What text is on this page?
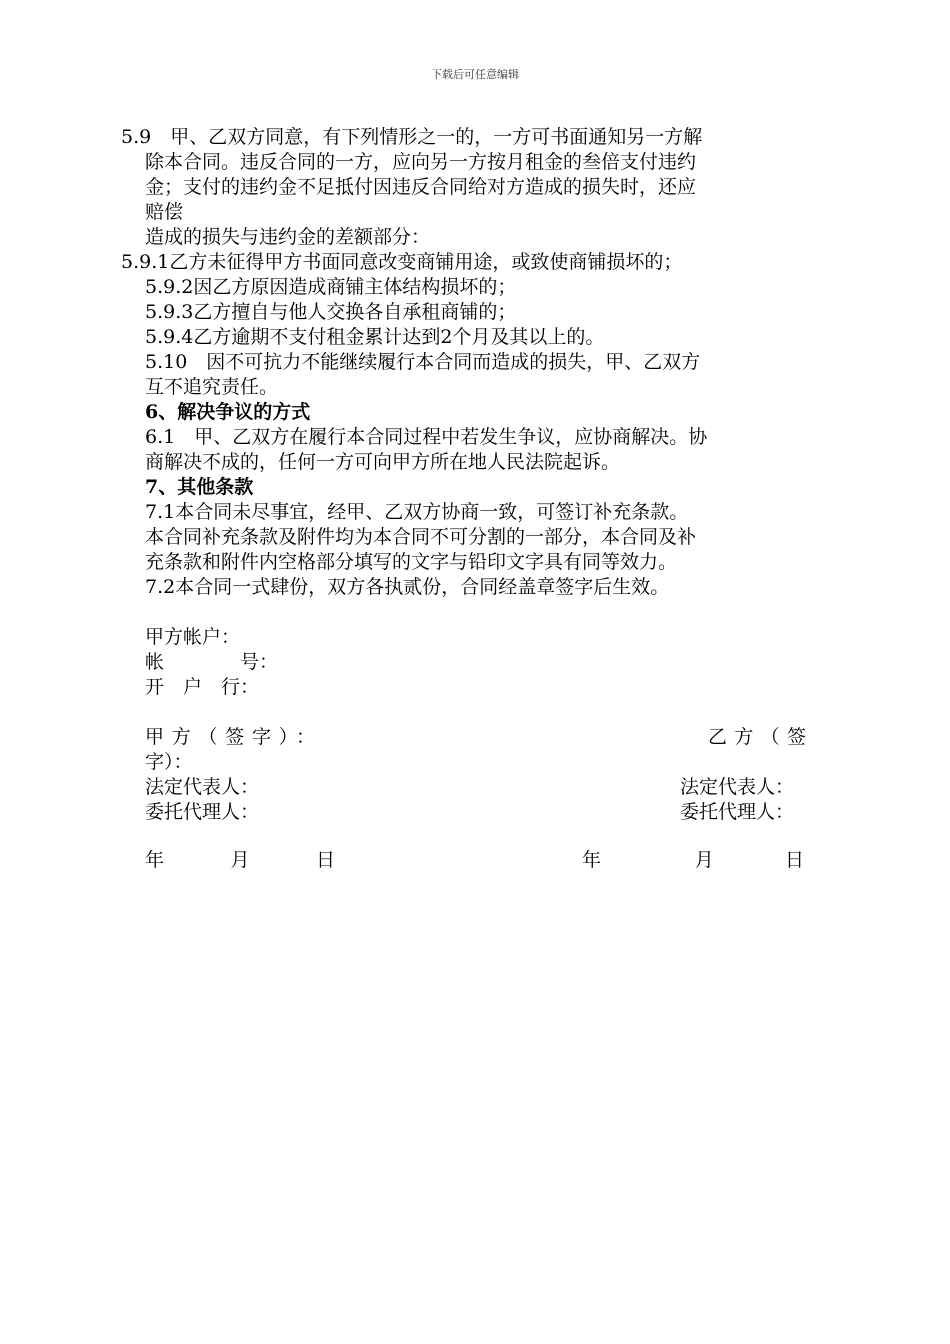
下载后可任意编辑
5.9　甲、乙双方同意，有下列情形之一的，一方可书面通知另一方解
除本合同。违反合同的一方，应向另一方按月租金的叁倍支付违约
金；支付的违约金不足抵付因违反合同给对方造成的损失时，还应
赔偿
造成的损失与违约金的差额部分：
5.9.1乙方未征得甲方书面同意改变商铺用途，或致使商铺损坏的；
5.9.2因乙方原因造成商铺主体结构损坏的；
5.9.3乙方擅自与他人交换各自承租商铺的；
5.9.4乙方逾期不支付租金累计达到2个月及其以上的。
5.10　因不可抗力不能继续履行本合同而造成的损失，甲、乙双方
互不追究责任。
6、解决争议的方式
6.1　甲、乙双方在履行本合同过程中若发生争议，应协商解决。协
商解决不成的，任何一方可向甲方所在地人民法院起诉。
7、其他条款
7.1本合同未尽事宜，经甲、乙双方协商一致，可签订补充条款。
本合同补充条款及附件均为本合同不可分割的一部分，本合同及补
充条款和附件内空格部分填写的文字与铅印文字具有同等效力。
7.2本合同一式肆份，双方各执贰份，合同经盖章签字后生效。
甲方帐户：
帐　　　　号：
开　户　行：
甲方（签字）：	乙方（签
字）：
法定代表人：	法定代表人：
委托代理人：	委托代理人：
年　　　月　　　日	年　　　　月　　　日
